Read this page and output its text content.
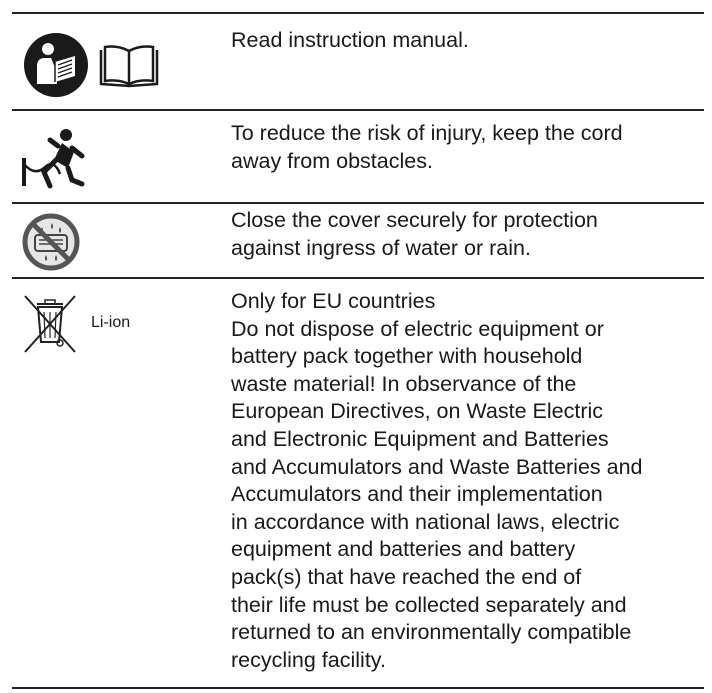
Read instruction manual.
To reduce the risk of injury, keep the cord
away from obstacles.
Close the cover securely for protection
against ingress of water or rain.
Li-ion
Only for EU countries
Do not dispose of electric equipment or
battery pack together with household
waste material! In observance of the
European Directives, on Waste Electric
and Electronic Equipment and Batteries
and Accumulators and Waste Batteries and
Accumulators and their implementation
in accordance with national laws, electric
equipment and batteries and battery
pack(s) that have reached the end of
their life must be collected separately and
returned to an environmentally compatible
recycling facility.
